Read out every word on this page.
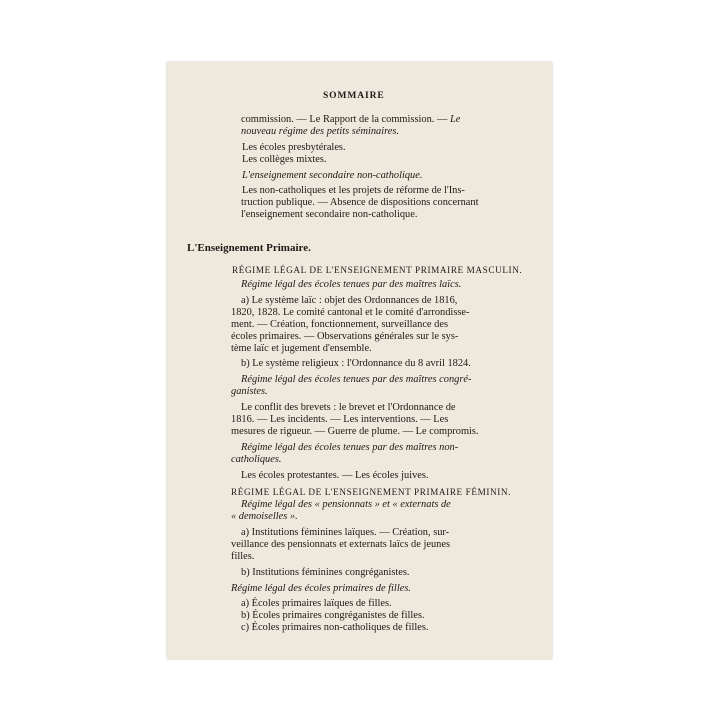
SOMMAIRE
commission. — Le Rapport de la commission. — Le
nouveau régime des petits séminaires.
Les écoles presbytérales.
Les collèges mixtes.
L'enseignement secondaire non-catholique.
Les non-catholiques et les projets de réforme de l'Ins-
truction publique. — Absence de dispositions concernant
l'enseignement secondaire non-catholique.
L'Enseignement Primaire.
RÉGIME LÉGAL DE L'ENSEIGNEMENT PRIMAIRE MASCULIN.
Régime légal des écoles tenues par des maîtres laïcs.
a) Le système laïc : objet des Ordonnances de 1816,
1820, 1828. Le comité cantonal et le comité d'arrondisse-
ment. — Création, fonctionnement, surveillance des
écoles primaires. — Observations générales sur le sys-
tème laïc et jugement d'ensemble.
b) Le système religieux : l'Ordonnance du 8 avril 1824.
Régime légal des écoles tenues par des maîtres congré-
ganistes.
Le conflit des brevets : le brevet et l'Ordonnance de
1816. — Les incidents. — Les interventions. — Les
mesures de rigueur. — Guerre de plume. — Le compromis.
Régime légal des écoles tenues par des maîtres non-
catholiques.
Les écoles protestantes. — Les écoles juives.
RÉGIME LÉGAL DE L'ENSEIGNEMENT PRIMAIRE FÉMININ.
Régime légal des « pensionnats » et « externats de
« demoiselles ».
a) Institutions féminines laïques. — Création, sur-
veillance des pensionnats et externats laïcs de jeunes
filles.
b) Institutions féminines congréganistes.
Régime légal des écoles primaires de filles.
a) Écoles primaires laïques de filles.
b) Écoles primaires congréganistes de filles.
c) Écoles primaires non-catholiques de filles.
